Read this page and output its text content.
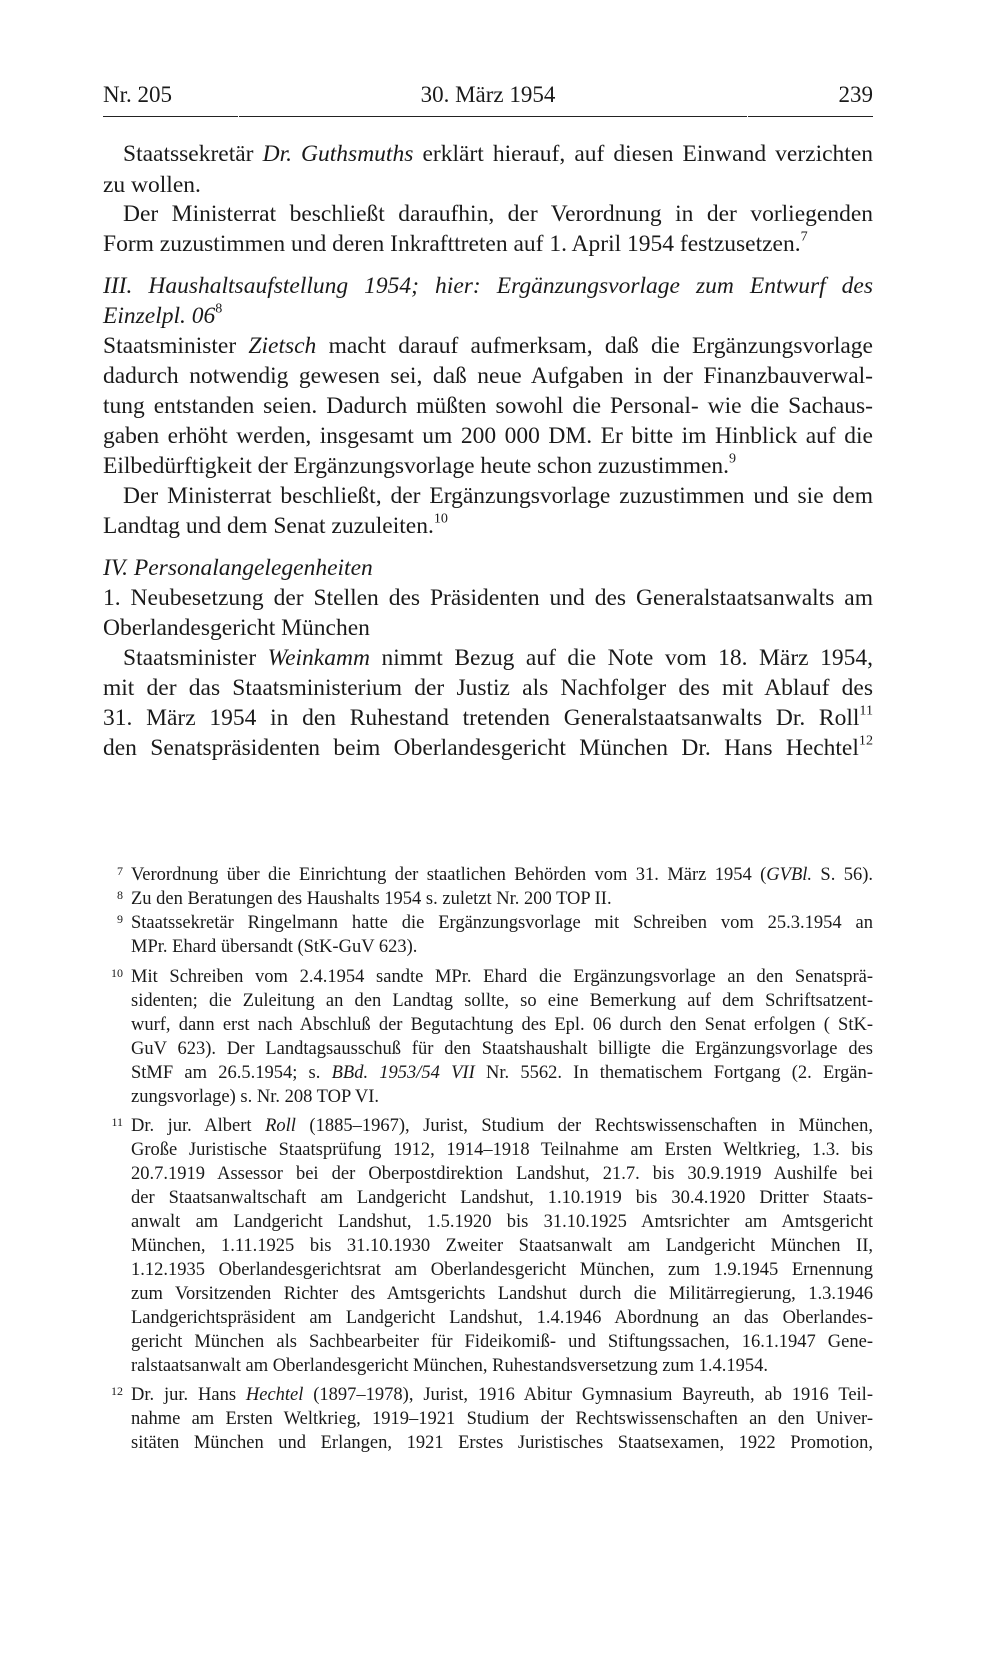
Nr. 205	30. März 1954	239
Staatssekretär Dr. Guthsmuths erklärt hierauf, auf diesen Einwand verzichten
zu wollen.
Der Ministerrat beschließt daraufhin, der Verordnung in der vorliegenden
Form zuzustimmen und deren Inkrafttreten auf 1. April 1954 festzusetzen.$^7$
III. Haushaltsaufstellung 1954; hier: Ergänzungsvorlage zum Entwurf des
Einzelpl. $06^8$
Staatsminister Zietsch macht darauf aufmerksam, daß die Ergänzungsvorlage
dadurch notwendig gewesen sei, daß neue Aufgaben in der Finanzbauverwal-
tung entstanden seien. Dadurch müßten sowohl die Personal- wie die Sachaus-
gaben erhöht werden, insgesamt um 200 000 DM. Er bitte im Hinblick auf die
Eilbedürftigkeit der Ergänzungsvorlage heute schon zuzustimmen.$^9$
Der Ministerrat beschließt, der Ergänzungsvorlage zuzustimmen und sie dem
Landtag und dem Senat zuzuleiten.$^{10}$
IV. Personalangelegenheiten
1. Neubesetzung der Stellen des Präsidenten und des Generalstaatsanwalts am
Oberlandesgericht München
Staatsminister Weinkamm nimmt Bezug auf die Note vom 18. März 1954,
mit der das Staatsministerium der Justiz als Nachfolger des mit Ablauf des
31. März 1954 in den Ruhestand tretenden Generalstaatsanwalts Dr. Roll$^{11}$
den Senatspräsidenten beim Oberlandesgericht München Dr. Hans Hechtel$^{12}$
7 Verordnung über die Einrichtung der staatlichen Behörden vom 31. März 1954 (GVBl. S. 56).
8 Zu den Beratungen des Haushalts 1954 s. zuletzt Nr. 200 TOP II.
9 Staatssekretär Ringelmann hatte die Ergänzungsvorlage mit Schreiben vom 25.3.1954 an
MPr. Ehard übersandt (StK-GuV 623).
10 Mit Schreiben vom 2.4.1954 sandte MPr. Ehard die Ergänzungsvorlage an den Senatsprä-
sidenten; die Zuleitung an den Landtag sollte, so eine Bemerkung auf dem Schriftsatzent-
wurf, dann erst nach Abschluß der Begutachtung des Epl. 06 durch den Senat erfolgen ( StK-
GuV 623). Der Landtagsausschuß für den Staatshaushalt billigte die Ergänzungsvorlage des
StMF am 26.5.1954; s. BBd. 1953/54 VII Nr. 5562. In thematischem Fortgang (2. Ergän-
zungsvorlage) s. Nr. 208 TOP VI.
11 Dr. jur. Albert Roll (1885–1967), Jurist, Studium der Rechtswissenschaften in München,
Große Juristische Staatsprüfung 1912, 1914–1918 Teilnahme am Ersten Weltkrieg, 1.3. bis
20.7.1919 Assessor bei der Oberpostdirektion Landshut, 21.7. bis 30.9.1919 Aushilfe bei
der Staatsanwaltschaft am Landgericht Landshut, 1.10.1919 bis 30.4.1920 Dritter Staats-
anwalt am Landgericht Landshut, 1.5.1920 bis 31.10.1925 Amtsrichter am Amtsgericht
München, 1.11.1925 bis 31.10.1930 Zweiter Staatsanwalt am Landgericht München II,
1.12.1935 Oberlandesgerichtsrat am Oberlandesgericht München, zum 1.9.1945 Ernennung
zum Vorsitzenden Richter des Amtsgerichts Landshut durch die Militärregierung, 1.3.1946
Landgerichtspräsident am Landgericht Landshut, 1.4.1946 Abordnung an das Oberlandes-
gericht München als Sachbearbeiter für Fideikomiß- und Stiftungssachen, 16.1.1947 Gene-
ralstaatsanwalt am Oberlandesgericht München, Ruhestandsversetzung zum 1.4.1954.
12 Dr. jur. Hans Hechtel (1897–1978), Jurist, 1916 Abitur Gymnasium Bayreuth, ab 1916 Teil-
nahme am Ersten Weltkrieg, 1919–1921 Studium der Rechtswissenschaften an den Univer-
sitäten München und Erlangen, 1921 Erstes Juristisches Staatsexamen, 1922 Promotion,
